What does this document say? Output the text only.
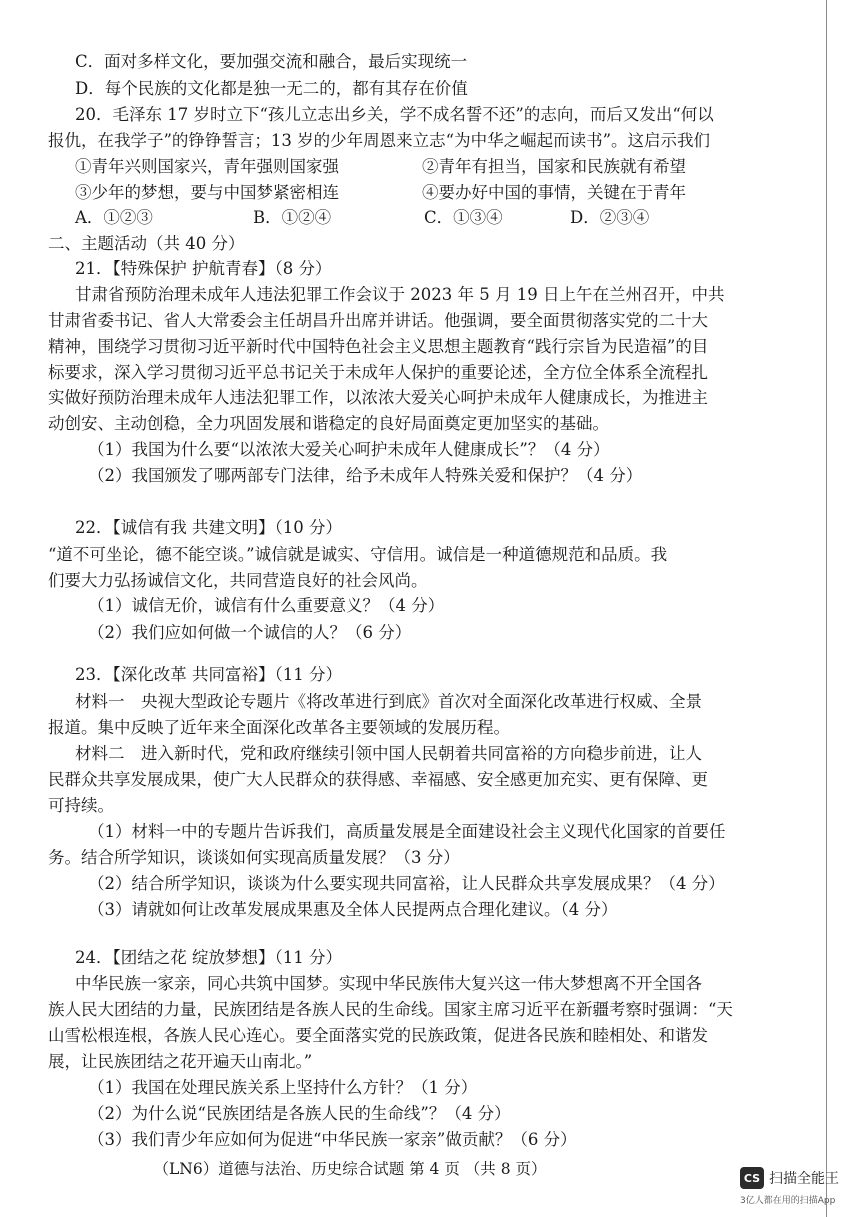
C．面对多样文化，要加强交流和融合，最后实现统一
D．每个民族的文化都是独一无二的，都有其存在价值
20．毛泽东 17 岁时立下“孩儿立志出乡关，学不成名誓不还”的志向，而后又发出“何以
报仇，在我学子”的铮铮誓言；13 岁的少年周恩来立志“为中华之崛起而读书”。这启示我们
①青年兴则国家兴，青年强则国家强	②青年有担当，国家和民族就有希望
③少年的梦想，要与中国梦紧密相连	④要办好中国的事情，关键在于青年
A．①②③	B．①②④	C．①③④	D．②③④
二、主题活动（共 40 分）
21．【特殊保护 护航青春】（8 分）
甘肃省预防治理未成年人违法犯罪工作会议于 2023 年 5 月 19 日上午在兰州召开，中共
甘肃省委书记、省人大常委会主任胡昌升出席并讲话。他强调，要全面贯彻落实党的二十大
精神，围绕学习贯彻习近平新时代中国特色社会主义思想主题教育“践行宗旨为民造福”的目
标要求，深入学习贯彻习近平总书记关于未成年人保护的重要论述，全方位全体系全流程扎
实做好预防治理未成年人违法犯罪工作，以浓浓大爱关心呵护未成年人健康成长，为推进主
动创安、主动创稳，全力巩固发展和谐稳定的良好局面奠定更加坚实的基础。
（1）我国为什么要“以浓浓大爱关心呵护未成年人健康成长”？（4 分）
（2）我国颁发了哪两部专门法律，给予未成年人特殊关爱和保护？（4 分）
22．【诚信有我 共建文明】（10 分）
“道不可坐论，德不能空谈。”诚信就是诚实、守信用。诚信是一种道德规范和品质。我
们要大力弘扬诚信文化，共同营造良好的社会风尚。
（1）诚信无价，诚信有什么重要意义？（4 分）
（2）我们应如何做一个诚信的人？（6 分）
23．【深化改革 共同富裕】（11 分）
材料一　央视大型政论专题片《将改革进行到底》首次对全面深化改革进行权威、全景
报道。集中反映了近年来全面深化改革各主要领域的发展历程。
材料二　进入新时代，党和政府继续引领中国人民朝着共同富裕的方向稳步前进，让人
民群众共享发展成果，使广大人民群众的获得感、幸福感、安全感更加充实、更有保障、更
可持续。
（1）材料一中的专题片告诉我们，高质量发展是全面建设社会主义现代化国家的首要任
务。结合所学知识，谈谈如何实现高质量发展？（3 分）
（2）结合所学知识，谈谈为什么要实现共同富裕，让人民群众共享发展成果？（4 分）
（3）请就如何让改革发展成果惠及全体人民提两点合理化建议。（4 分）
24．【团结之花 绽放梦想】（11 分）
中华民族一家亲，同心共筑中国梦。实现中华民族伟大复兴这一伟大梦想离不开全国各
族人民大团结的力量，民族团结是各族人民的生命线。国家主席习近平在新疆考察时强调：“天
山雪松根连根，各族人民心连心。要全面落实党的民族政策，促进各民族和睦相处、和谐发
展，让民族团结之花开遍天山南北。”
（1）我国在处理民族关系上坚持什么方针？（1 分）
（2）为什么说“民族团结是各族人民的生命线”？（4 分）
（3）我们青少年应如何为促进“中华民族一家亲”做贡献？（6 分）
（LN6）道德与法治、历史综合试题 第 4 页 （共 8 页）	CS 扫描全能王
3亿人都在用的扫描App
